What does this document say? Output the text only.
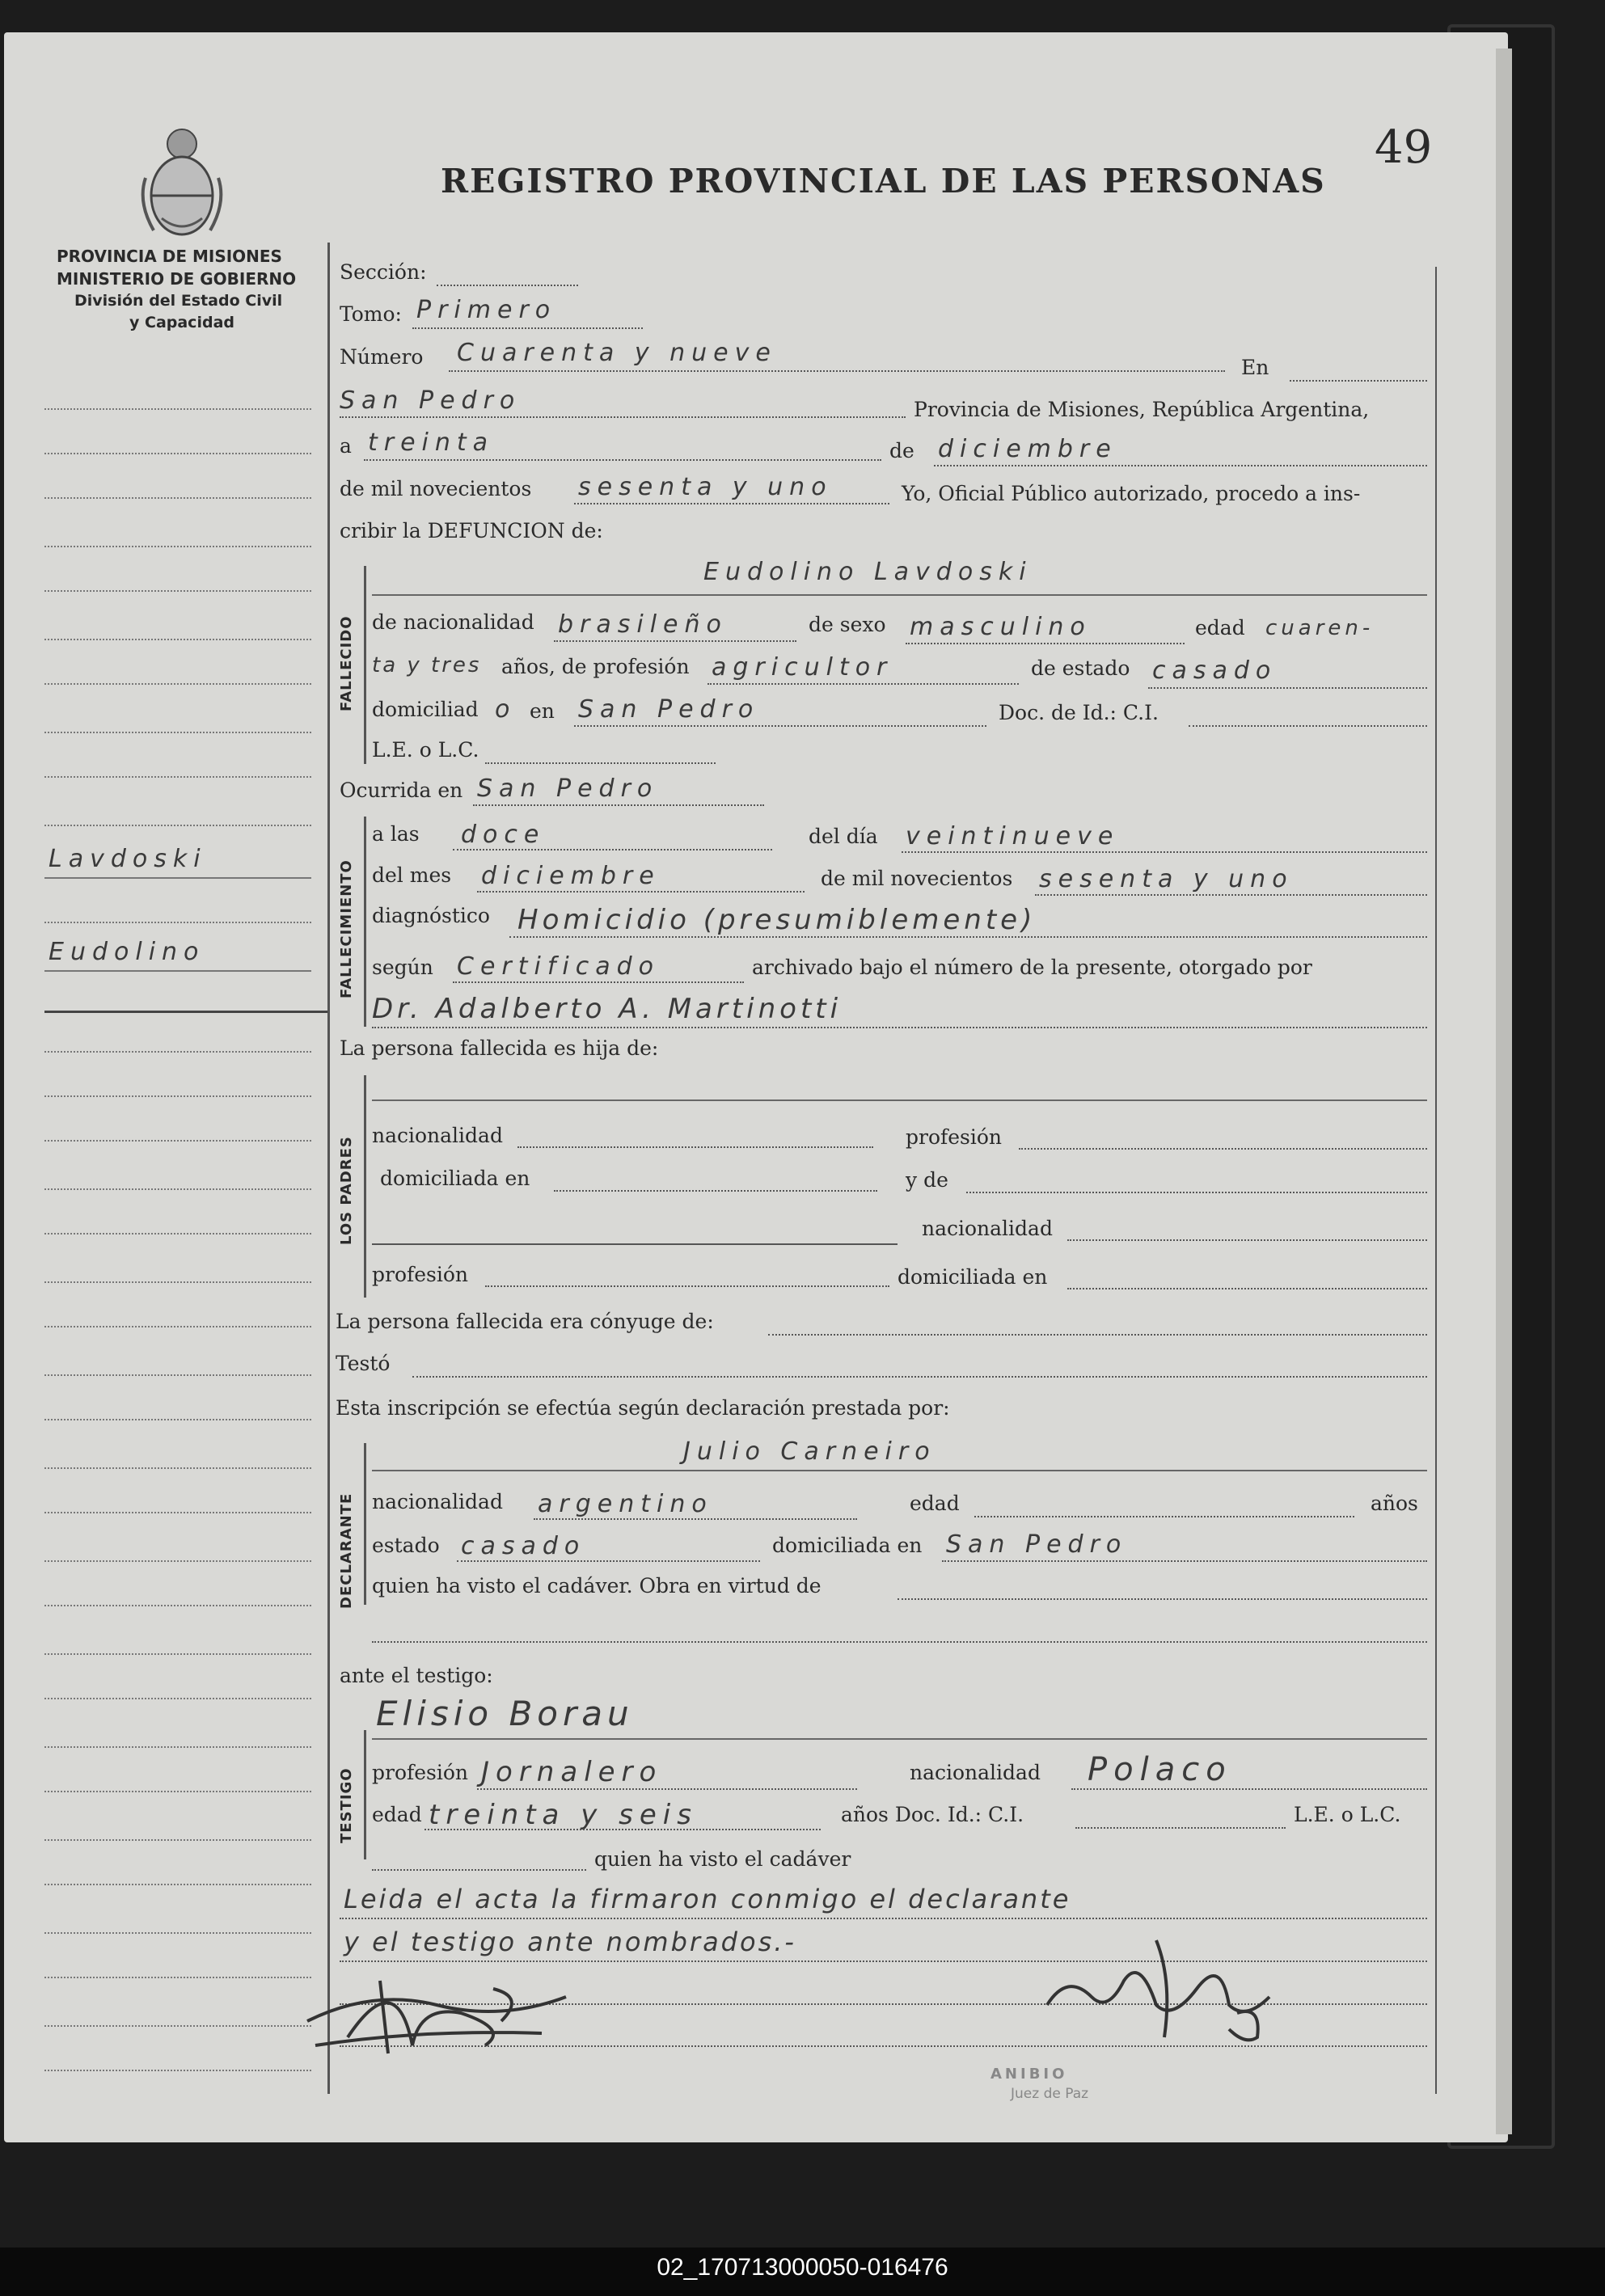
PROVINCIA DE MISIONES
MINISTERIO DE GOBIERNO
División del Estado Civil
y Capacidad
REGISTRO PROVINCIAL DE LAS PERSONAS
49
Lavdoski
Eudolino
Sección:
Tomo: Primero
Número Cuarenta y nueve
En
San Pedro	Provincia de Misiones, República Argentina,
a treinta	de diciembre
de mil novecientos sesenta y uno	Yo, Oficial Público autorizado, procedo a ins-
cribir la DEFUNCION de:
FALLECIDO
Eudolino Lavdoski
de nacionalidad brasileño	de sexo masculino	edad cuaren-
ta y tres años, de profesión agricultor	de estado casado
domiciliad o en San Pedro	Doc. de Id.: C.I.
L.E. o L.C.
Ocurrida en San Pedro
FALLECIMIENTO
a las doce	del día veintinueve
del mes diciembre	de mil novecientos sesenta y uno
diagnóstico Homicidio (presumiblemente)
según Certificado	archivado bajo el número de la presente, otorgado por
Dr. Adalberto A. Martinotti
La persona fallecida es hija de:
LOS PADRES
nacionalidad	profesión
domiciliada en	y de
nacionalidad
profesión	domiciliada en
La persona fallecida era cónyuge de:
Testó
Esta inscripción se efectúa según declaración prestada por:
DECLARANTE
Julio Carneiro
nacionalidad argentino	edad	años
estado casado	domiciliada en San Pedro
quien ha visto el cadáver. Obra en virtud de
ante el testigo:
Elisio Borau
TESTIGO profesión Jornalero	nacionalidad Polaco
edad treinta y seis	años Doc. Id.: C.I.	L.E. o L.C.
quien ha visto el cadáver
Leida el acta la firmaron conmigo el declarante
y el testigo ante nombrados.-
ANIBIO
Juez de Paz
02_170713000050-016476
